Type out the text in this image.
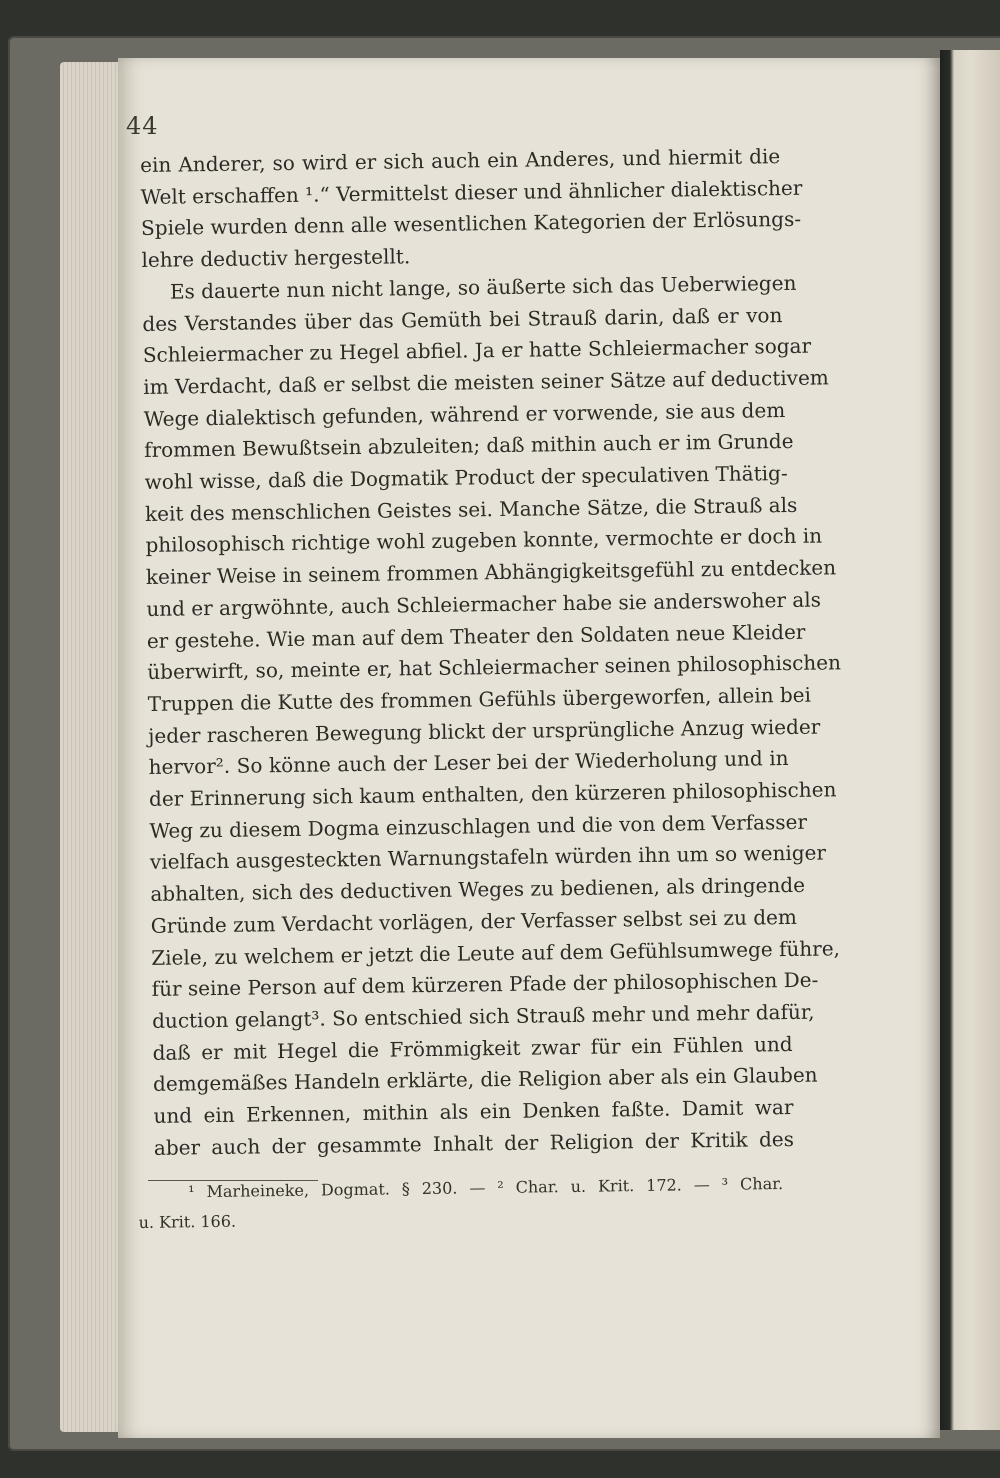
44

ein Anderer, so wird er sich auch ein Anderes, und hiermit die
Welt erschaffen ¹.“ Vermittelst dieser und ähnlicher dialektischer
Spiele wurden denn alle wesentlichen Kategorien der Erlösungs-
lehre deductiv hergestellt.
Es dauerte nun nicht lange, so äußerte sich das Ueberwiegen
des Verstandes über das Gemüth bei Strauß darin, daß er von
Schleiermacher zu Hegel abfiel. Ja er hatte Schleiermacher sogar
im Verdacht, daß er selbst die meisten seiner Sätze auf deductivem
Wege dialektisch gefunden, während er vorwende, sie aus dem
frommen Bewußtsein abzuleiten; daß mithin auch er im Grunde
wohl wisse, daß die Dogmatik Product der speculativen Thätig-
keit des menschlichen Geistes sei. Manche Sätze, die Strauß als
philosophisch richtige wohl zugeben konnte, vermochte er doch in
keiner Weise in seinem frommen Abhängigkeitsgefühl zu entdecken
und er argwöhnte, auch Schleiermacher habe sie anderswoher als
er gestehe. Wie man auf dem Theater den Soldaten neue Kleider
überwirft, so, meinte er, hat Schleiermacher seinen philosophischen
Truppen die Kutte des frommen Gefühls übergeworfen, allein bei
jeder rascheren Bewegung blickt der ursprüngliche Anzug wieder
hervor². So könne auch der Leser bei der Wiederholung und in
der Erinnerung sich kaum enthalten, den kürzeren philosophischen
Weg zu diesem Dogma einzuschlagen und die von dem Verfasser
vielfach ausgesteckten Warnungstafeln würden ihn um so weniger
abhalten, sich des deductiven Weges zu bedienen, als dringende
Gründe zum Verdacht vorlägen, der Verfasser selbst sei zu dem
Ziele, zu welchem er jetzt die Leute auf dem Gefühlsumwege führe,
für seine Person auf dem kürzeren Pfade der philosophischen De-
duction gelangt³. So entschied sich Strauß mehr und mehr dafür,
daß er mit Hegel die Frömmigkeit zwar für ein Fühlen und
demgemäßes Handeln erklärte, die Religion aber als ein Glauben
und ein Erkennen, mithin als ein Denken faßte. Damit war
aber auch der gesammte Inhalt der Religion der Kritik des
¹ Marheineke, Dogmat. § 230. — ² Char. u. Krit. 172. — ³ Char.
u. Krit. 166.
